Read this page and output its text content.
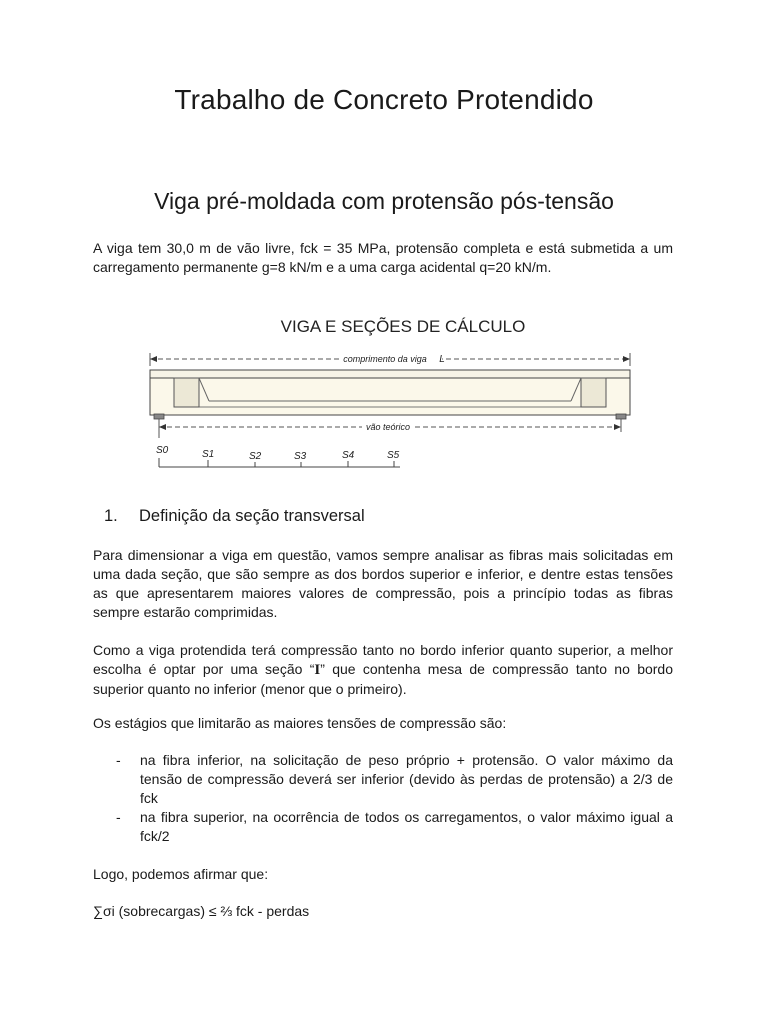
Trabalho de Concreto Protendido
Viga pré-moldada com protensão pós-tensão

A viga tem 30,0 m de vão livre, fck = 35 MPa, protensão completa e está submetida a um carregamento permanente g=8 kN/m e a uma carga acidental q=20 kN/m.

VIGA E SEÇÕES DE CÁLCULO
comprimento da viga L
vão teórico
S0	S1	S2	S3	S4	S5
1. Definição da seção transversal

Para dimensionar a viga em questão, vamos sempre analisar as fibras mais solicitadas em uma dada seção, que são sempre as dos bordos superior e inferior, e dentre estas tensões as que apresentarem maiores valores de compressão, pois a princípio todas as fibras sempre estarão comprimidas.

Como a viga protendida terá compressão tanto no bordo inferior quanto superior, a melhor escolha é optar por uma seção “I” que contenha mesa de compressão tanto no bordo superior quanto no inferior (menor que o primeiro).

Os estágios que limitarão as maiores tensões de compressão são:

- na fibra inferior, na solicitação de peso próprio + protensão. O valor máximo da tensão de compressão deverá ser inferior (devido às perdas de protensão) a 2/3 de fck
- na fibra superior, na ocorrência de todos os carregamentos, o valor máximo igual a fck/2

Logo, podemos afirmar que:

∑σi (sobrecargas) ≤ ⅔ fck - perdas
